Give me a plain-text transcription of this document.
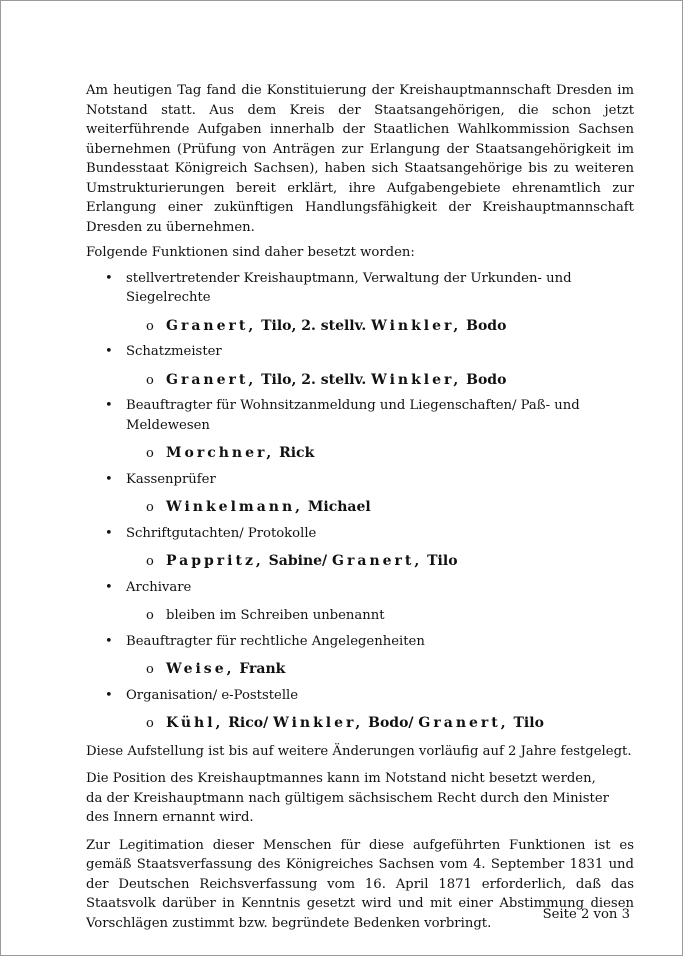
Am heutigen Tag fand die Konstituierung der Kreishauptmannschaft Dresden im Notstand statt. Aus dem Kreis der Staatsangehörigen, die schon jetzt weiterführende Aufgaben innerhalb der Staatlichen Wahlkommission Sachsen übernehmen (Prüfung von Anträgen zur Erlangung der Staatsangehörigkeit im Bundesstaat Königreich Sachsen), haben sich Staatsangehörige bis zu weiteren Umstrukturierungen bereit erklärt, ihre Aufgabengebiete ehrenamtlich zur Erlangung einer zukünftigen Handlungsfähigkeit der Kreishauptmannschaft Dresden zu übernehmen.

Folgende Funktionen sind daher besetzt worden:

• stellvertretender Kreishauptmann, Verwaltung der Urkunden- und Siegelrechte
o Granert, Tilo, 2. stellv. Winkler, Bodo
• Schatzmeister
o Granert, Tilo, 2. stellv. Winkler, Bodo
• Beauftragter für Wohnsitzanmeldung und Liegenschaften/ Paß- und Meldewesen
o Morchner, Rick
• Kassenprüfer
o Winkelmann, Michael
• Schriftgutachten/ Protokolle
o Pappritz, Sabine/ Granert, Tilo
• Archivare
o bleiben im Schreiben unbenannt
• Beauftragter für rechtliche Angelegenheiten
o Weise, Frank
• Organisation/ e-Poststelle
o Kühl, Rico/ Winkler, Bodo/ Granert, Tilo

Diese Aufstellung ist bis auf weitere Änderungen vorläufig auf 2 Jahre festgelegt.

Die Position des Kreishauptmannes kann im Notstand nicht besetzt werden,
da der Kreishauptmann nach gültigem sächsischem Recht durch den Minister des Innern ernannt wird.

Zur Legitimation dieser Menschen für diese aufgeführten Funktionen ist es gemäß Staatsverfassung des Königreiches Sachsen vom 4. September 1831 und der Deutschen Reichsverfassung vom 16. April 1871 erforderlich, daß das Staatsvolk darüber in Kenntnis gesetzt wird und mit einer Abstimmung diesen Vorschlägen zustimmt bzw. begründete Bedenken vorbringt.

Seite 2 von 3
